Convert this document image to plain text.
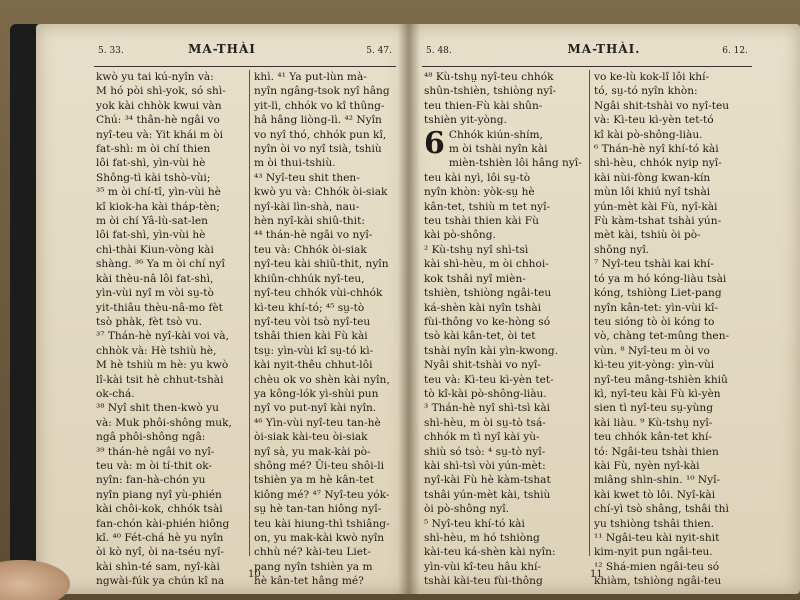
5. 33.	MA-THÀI	5. 47.
kwò yu tai kú-nyîn và:
M hó pòi shì-yok, só shì-
yok kài chhòk kwui vàn
Chú: ³⁴ thân-hè ngâi vo
nyî-teu và: Yit khái m òi
fat-shì: m òi chí thien
lôi fat-shì, yìn-vùi hè
Shông-tì kài tshò-vùi;
³⁵ m òi chí-tî, yìn-vùi hè
kî kiok-ha kài tháp-tèn;
m òi chí Yâ-lù-sat-len
lôi fat-shì, yìn-vùi hè
chì-thài Kiun-vòng kài
shàng. ³⁶ Ya m òi chí nyî
kài thèu-nâ lôi fat-shì,
yìn-vùi nyî m vòi sṳ-tò
yit-thiâu thèu-nâ-mo fèt
tsò phàk, fèt tsò vu.
³⁷ Thán-hè nyî-kài voi và,
chhòk và: Hè tshiù hè,
M hè tshiù m hè: yu kwò
lî-kài tsit hè chhut-tshài
ok-chá.
³⁸ Nyî shit then-kwò yu
và: Muk phôi-shông muk,
ngâ phôi-shông ngâ:
³⁹ thán-hè ngâi vo nyî-
teu và: m òi tí-thit ok-
nyîn: fan-hà-chón yu
nyîn piang nyî yù-phién
kài chôi-kok, chhók tsài
fan-chón kài-phién hiông
kî. ⁴⁰ Fét-chá hè yu nyîn
òi kò nyî, òi na-tséu nyî-
kài shìn-té sam, nyî-kài
ngwài-fúk ya chún kî na
khì. ⁴¹ Ya put-lùn mà-
nyîn ngâng-tsok nyî hâng
yit-lì, chhók vo kî thûng-
hâ hâng liòng-lì. ⁴² Nyîn
vo nyî thó, chhók pun kî,
nyîn òi vo nyî tsià, tshiù
m òi thui-tshiù.
⁴³ Nyî-teu shit then-
kwò yu và: Chhók òi-siak
nyî-kài lìn-shà, nau-
hèn nyî-kài shiû-thit:
⁴⁴ thán-hè ngâi vo nyî-
teu và: Chhók òi-siak
nyî-teu kài shiû-thit, nyîn
khiûn-chhúk nyî-teu,
nyî-teu chhók vùi-chhók
kì-teu khí-tó; ⁴⁵ sṳ-tò
nyî-teu vòi tsò nyî-teu
tshâi thien kài Fù kài
tsṳ: yìn-vùi kî sṳ-tó kì-
kài nyit-thêu chhut-lôi
chèu ok vo shèn kài nyîn,
ya kông-lók yì-shùi pun
nyî vo put-nyî kài nyîn.
⁴⁶ Yìn-vùi nyî-teu tan-hè
òi-siak kài-teu òi-siak
nyî sà, yu mak-kài pò-
shông mé? Ûi-teu shôi-li
tshièn ya m hè kân-tet
kiông mé? ⁴⁷ Nyî-teu yók-
sṳ hè tan-tan hiông nyî-
teu kài hiung-thì tshiâng-
on, yu mak-kài kwò nyîn
chhù né? kài-teu Liet-
pang nyîn tshièn ya m
hè kân-tet hâng mé?
10
5. 48.	MA-THÀI.	6. 12.
⁴⁸ Kù-tshṳ nyî-teu chhók
shûn-tshièn, tshiòng nyî-
teu thien-Fù kài shûn-
tshièn yit-yòng.
6 Chhók kiún-shím,
m òi tshài nyîn kài
mièn-tshièn lôi hâng nyî-
teu kài nyì, lôi sṳ-tò
nyîn khòn: yòk-sṳ hè
kân-tet, tshiù m tet nyî-
teu tshài thien kài Fù
kài pò-shông.
² Kù-tshṳ nyî shì-tsì
kài shì-hèu, m òi chhoi-
kok tshâi nyî mièn-
tshièn, tshiòng ngâi-teu
ká-shèn kài nyîn tshài
fùi-thông vo ke-hòng só
tsò kài kân-tet, òi tet
tshài nyîn kài yìn-kwong.
Nyâi shit-tshài vo nyî-
teu và: Kì-teu kì-yèn tet-
tò kî-kài pò-shông-liàu.
³ Thán-hè nyî shì-tsì kài
shì-hèu, m òi sṳ-tò tsá-
chhók m tì nyî kài yù-
shiù só tsò: ⁴ sṳ-tò nyî-
kài shì-tsì vòi yún-mèt:
nyî-kài Fù hè kàm-tshat
tshâi yún-mèt kài, tshiù
òi pò-shông nyî.
⁵ Nyî-teu khí-tó kài
shì-hèu, m hó tshiòng
kài-teu ká-shèn kài nyîn:
yìn-vùi kî-teu hâu khí-
tshài kài-teu fùi-thông
vo ke-lù kok-lî lôi khí-
tó, sṳ-tó nyîn khòn:
Ngâi shit-tshài vo nyî-teu
và: Kì-teu kì-yèn tet-tó
kî kài pò-shông-liàu.
⁶ Thán-hè nyî khí-tó kài
shì-hèu, chhók nyip nyî-
kài nùi-fòng kwan-kín
mùn lôi khiú nyî tshài
yún-mèt kài Fù, nyî-kài
Fù kàm-tshat tshài yún-
mèt kài, tshiù òi pò-
shông nyî.
⁷ Nyî-teu tshài kai khí-
tó ya m hó kóng-liàu tsài
kóng, tshiòng Liet-pang
nyîn kân-tet: yìn-vùi kî-
teu sióng tò òi kóng to
vò, chàng tet-mûng then-
vùn. ⁸ Nyî-teu m òi vo
kì-teu yit-yòng: yìn-vùi
nyî-teu mâng-tshièn khiû
kì, nyî-teu kài Fù kì-yèn
sien tì nyî-teu sṳ-yùng
kài liàu. ⁹ Kù-tshṳ nyî-
teu chhók kân-tet khí-
tó: Ngâi-teu tshài thien
kài Fù, nyèn nyî-kài
miâng shìn-shin. ¹⁰ Nyî-
kài kwet tò lôi. Nyî-kài
chí-yì tsò shâng, tshâi thì
yu tshiòng tshâi thien.
¹¹ Ngâi-teu kài nyit-shit
kim-nyit pun ngâi-teu.
¹² Shá-mien ngâi-teu só
khiàm, tshiòng ngâi-teu
11
